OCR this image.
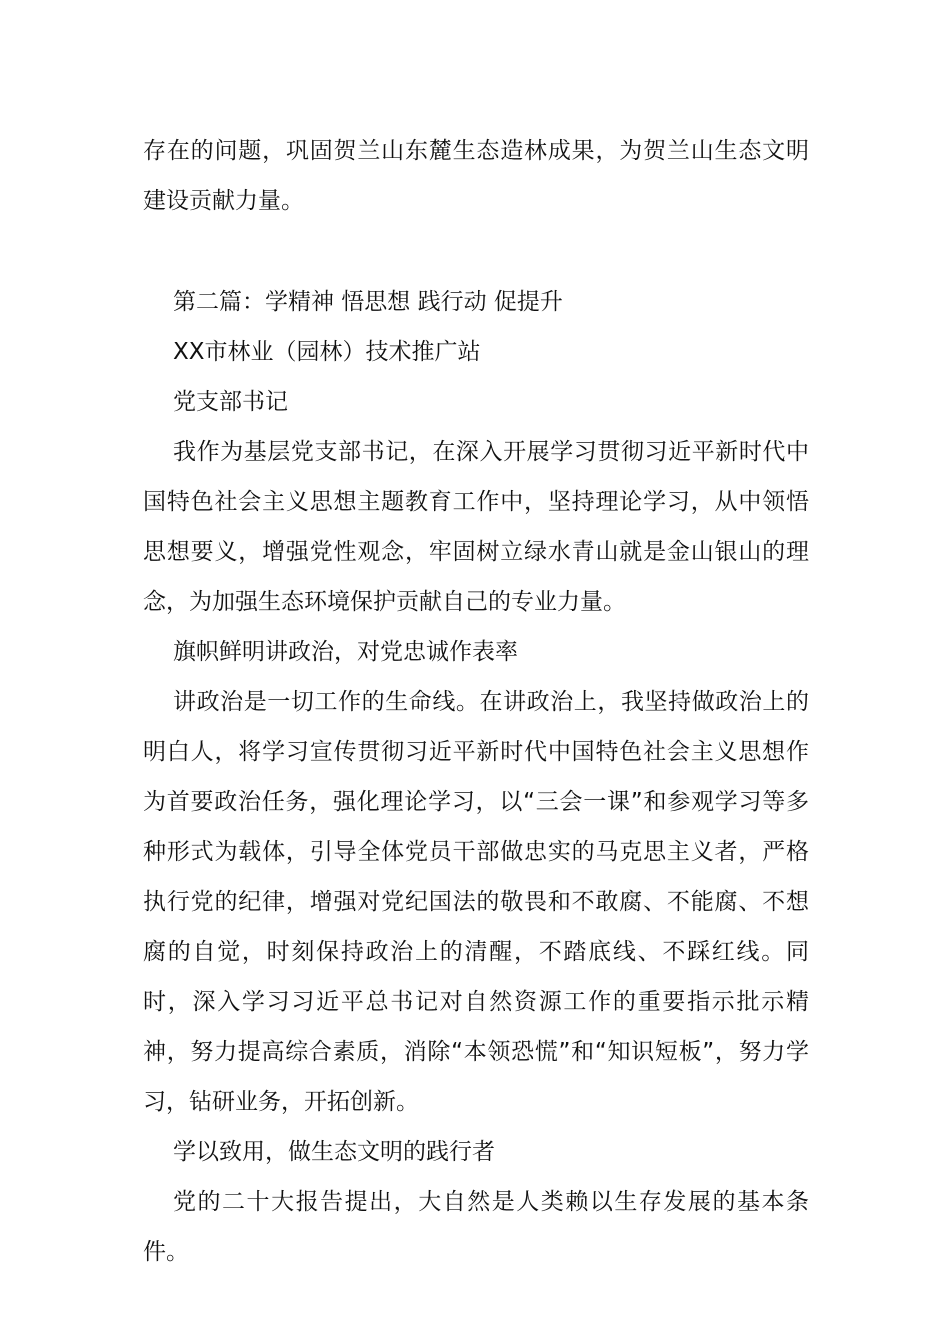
存在的问题，巩固贺兰山东麓生态造林成果，为贺兰山生态文明建设贡献力量。

第二篇：学精神 悟思想 践行动 促提升

XX市林业（园林）技术推广站

党支部书记

我作为基层党支部书记，在深入开展学习贯彻习近平新时代中国特色社会主义思想主题教育工作中，坚持理论学习，从中领悟思想要义，增强党性观念，牢固树立绿水青山就是金山银山的理念，为加强生态环境保护贡献自己的专业力量。

旗帜鲜明讲政治，对党忠诚作表率

讲政治是一切工作的生命线。在讲政治上，我坚持做政治上的明白人，将学习宣传贯彻习近平新时代中国特色社会主义思想作为首要政治任务，强化理论学习，以“三会一课”和参观学习等多种形式为载体，引导全体党员干部做忠实的马克思主义者，严格执行党的纪律，增强对党纪国法的敬畏和不敢腐、不能腐、不想腐的自觉，时刻保持政治上的清醒，不踏底线、不踩红线。同时，深入学习习近平总书记对自然资源工作的重要指示批示精神，努力提高综合素质，消除“本领恐慌”和“知识短板”，努力学习，钻研业务，开拓创新。

学以致用，做生态文明的践行者

党的二十大报告提出，大自然是人类赖以生存发展的基本条件。
